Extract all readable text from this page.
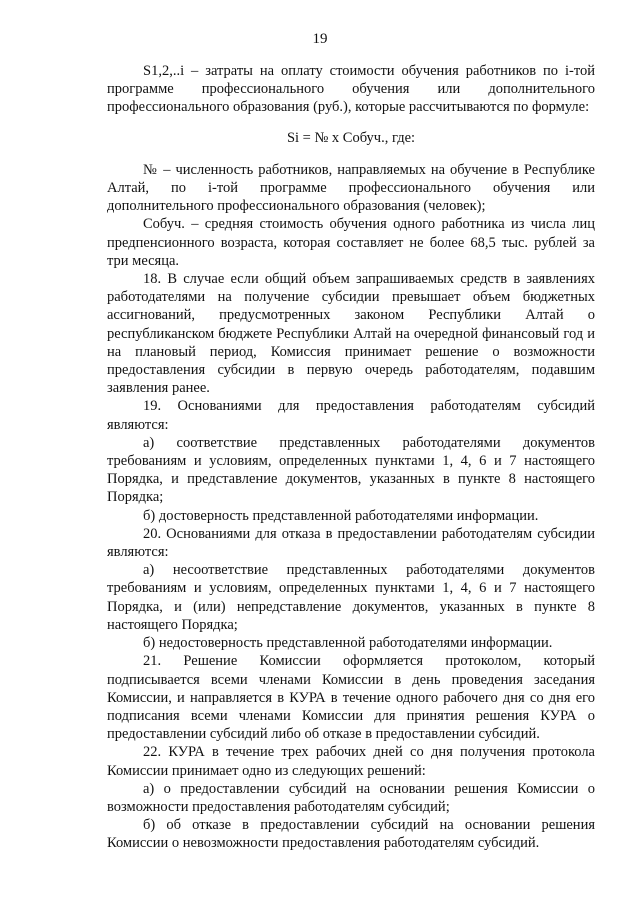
19

S1,2,..i – затраты на оплату стоимости обучения работников по i-той программе профессионального обучения или дополнительного профессионального образования (руб.), которые рассчитываются по формуле:

Si = № х Собуч., где:

№ – численность работников, направляемых на обучение в Республике Алтай, по i-той программе профессионального обучения или дополнительного профессионального образования (человек);

Собуч. – средняя стоимость обучения одного работника из числа лиц предпенсионного возраста, которая составляет не более 68,5 тыс. рублей за три месяца.

18. В случае если общий объем запрашиваемых средств в заявлениях работодателями на получение субсидии превышает объем бюджетных ассигнований, предусмотренных законом Республики Алтай о республиканском бюджете Республики Алтай на очередной финансовый год и на плановый период, Комиссия принимает решение о возможности предоставления субсидии в первую очередь работодателям, подавшим заявления ранее.

19. Основаниями для предоставления работодателям субсидий являются:

а) соответствие представленных работодателями документов требованиям и условиям, определенных пунктами 1, 4, 6 и 7 настоящего Порядка, и представление документов, указанных в пункте 8 настоящего Порядка;

б) достоверность представленной работодателями информации.

20. Основаниями для отказа в предоставлении работодателям субсидии являются:

а) несоответствие представленных работодателями документов требованиям и условиям, определенных пунктами 1, 4, 6 и 7 настоящего Порядка, и (или) непредставление документов, указанных в пункте 8 настоящего Порядка;

б) недостоверность представленной работодателями информации.

21. Решение Комиссии оформляется протоколом, который подписывается всеми членами Комиссии в день проведения заседания Комиссии, и направляется в КУРА в течение одного рабочего дня со дня его подписания всеми членами Комиссии для принятия решения КУРА о предоставлении субсидий либо об отказе в предоставлении субсидий.

22. КУРА в течение трех рабочих дней со дня получения протокола Комиссии принимает одно из следующих решений:

а) о предоставлении субсидий на основании решения Комиссии о возможности предоставления работодателям субсидий;

б) об отказе в предоставлении субсидий на основании решения Комиссии о невозможности предоставления работодателям субсидий.
